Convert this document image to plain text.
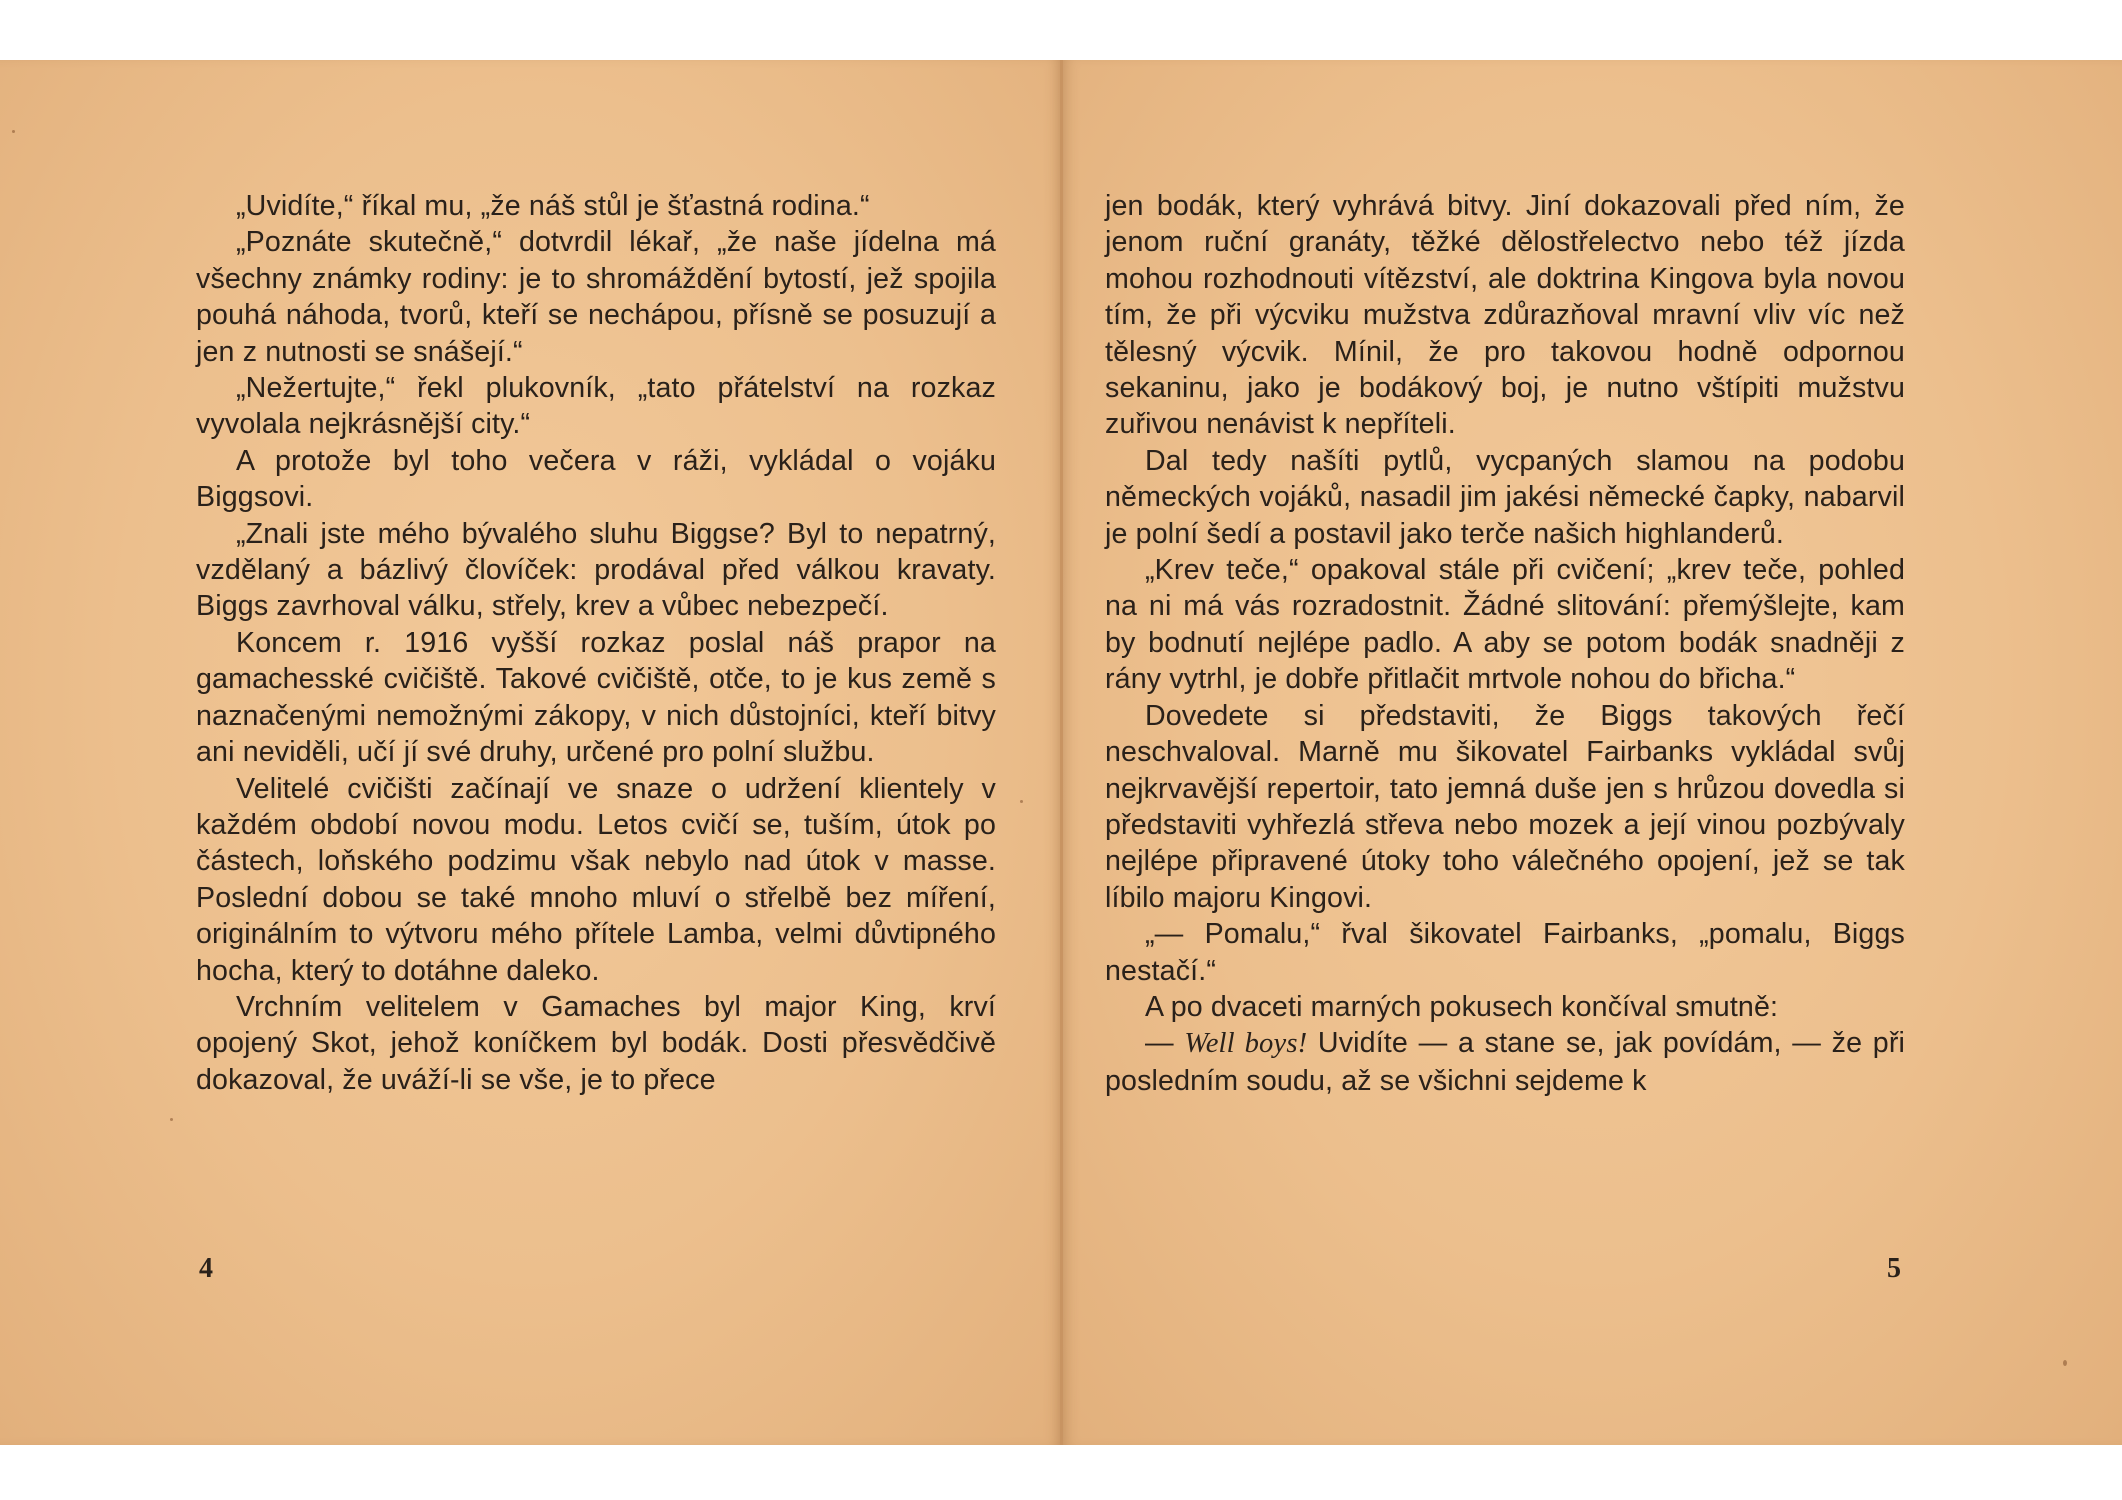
„Uvidíte,“ říkal mu, „že náš stůl je šťastná rodina.“

„Poznáte skutečně,“ dotvrdil lékař, „že naše jídelna má všechny známky rodiny: je to shromáždění bytostí, jež spojila pouhá náhoda, tvorů, kteří se nechápou, přísně se posuzují a jen z nutnosti se snášejí.“

„Nežertujte,“ řekl plukovník, „tato přátelství na rozkaz vyvolala nejkrásnější city.“

A protože byl toho večera v ráži, vykládal o vojáku Biggsovi.

„Znali jste mého bývalého sluhu Biggse? Byl to nepatrný, vzdělaný a bázlivý človíček: prodával před válkou kravaty. Biggs zavrhoval válku, střely, krev a vůbec nebezpečí.

Koncem r. 1916 vyšší rozkaz poslal náš prapor na gamachesské cvičiště. Takové cvičiště, otče, to je kus země s naznačenými nemožnými zákopy, v nich důstojníci, kteří bitvy ani neviděli, učí jí své druhy, určené pro polní službu.

Velitelé cvičišti začínají ve snaze o udržení klientely v každém období novou modu. Letos cvičí se, tuším, útok po částech, loňského podzimu však nebylo nad útok v masse. Poslední dobou se také mnoho mluví o střelbě bez míření, originálním to výtvoru mého přítele Lamba, velmi důvtipného hocha, který to dotáhne daleko.

Vrchním velitelem v Gamaches byl major King, krví opojený Skot, jehož koníčkem byl bodák. Dosti přesvědčivě dokazoval, že uváží-li se vše, je to přece

4

jen bodák, který vyhrává bitvy. Jiní dokazovali před ním, že jenom ruční granáty, těžké dělostřelectvo nebo též jízda mohou rozhodnouti vítězství, ale doktrina Kingova byla novou tím, že při výcviku mužstva zdůrazňoval mravní vliv víc než tělesný výcvik. Mínil, že pro takovou hodně odpornou sekaninu, jako je bodákový boj, je nutno vštípiti mužstvu zuřivou nenávist k nepříteli.

Dal tedy našíti pytlů, vycpaných slamou na podobu německých vojáků, nasadil jim jakési německé čapky, nabarvil je polní šedí a postavil jako terče našich highlanderů.

„Krev teče,“ opakoval stále při cvičení; „krev teče, pohled na ni má vás rozradostnit. Žádné slitování: přemýšlejte, kam by bodnutí nejlépe padlo. A aby se potom bodák snadněji z rány vytrhl, je dobře přitlačit mrtvole nohou do břicha.“

Dovedete si představiti, že Biggs takových řečí neschvaloval. Marně mu šikovatel Fairbanks vykládal svůj nejkrvavější repertoir, tato jemná duše jen s hrůzou dovedla si představiti vyhřezlá střeva nebo mozek a její vinou pozbývaly nejlépe připravené útoky toho válečného opojení, jež se tak líbilo majoru Kingovi.

„— Pomalu,“ řval šikovatel Fairbanks, „pomalu, Biggs nestačí.“

A po dvaceti marných pokusech končíval smutně:

— Well boys! Uvidíte — a stane se, jak povídám, — že při posledním soudu, až se všichni sejdeme k

5
